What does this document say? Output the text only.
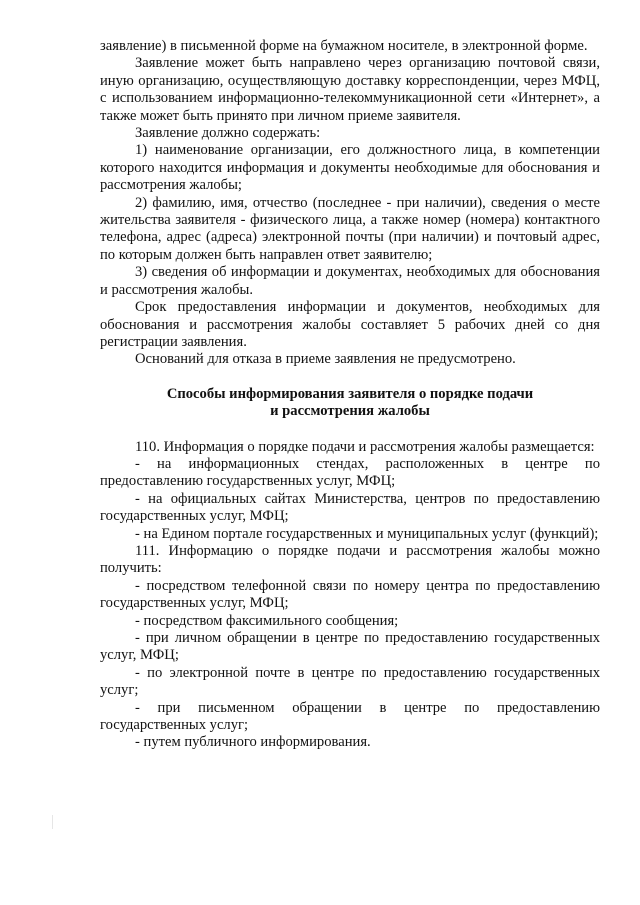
заявление) в письменной форме на бумажном носителе, в электронной форме.

Заявление может быть направлено через организацию почтовой связи, иную организацию, осуществляющую доставку корреспонденции, через МФЦ, с использованием информационно-телекоммуникационной сети «Интернет», а также может быть принято при личном приеме заявителя.

Заявление должно содержать:

1) наименование организации, его должностного лица, в компетенции которого находится информация и документы необходимые для обоснования и рассмотрения жалобы;

2) фамилию, имя, отчество (последнее - при наличии), сведения о месте жительства заявителя - физического лица, а также номер (номера) контактного телефона, адрес (адреса) электронной почты (при наличии) и почтовый адрес, по которым должен быть направлен ответ заявителю;

3) сведения об информации и документах, необходимых для обоснования и рассмотрения жалобы.

Срок предоставления информации и документов, необходимых для обоснования и рассмотрения жалобы составляет 5 рабочих дней со дня регистрации заявления.

Оснований для отказа в приеме заявления не предусмотрено.

Способы информирования заявителя о порядке подачи

и рассмотрения жалобы

110. Информация о порядке подачи и рассмотрения жалобы размещается:

- на информационных стендах, расположенных в центре по предоставлению государственных услуг, МФЦ;

- на официальных сайтах Министерства, центров по предоставлению государственных услуг, МФЦ;

- на Едином портале государственных и муниципальных услуг (функций);

111. Информацию о порядке подачи и рассмотрения жалобы можно получить:

- посредством телефонной связи по номеру центра по предоставлению государственных услуг, МФЦ;

- посредством факсимильного сообщения;

- при личном обращении в центре по предоставлению государственных услуг, МФЦ;

- по электронной почте в центре по предоставлению государственных услуг;

- при письменном обращении в центре по предоставлению государственных услуг;

- путем публичного информирования.
